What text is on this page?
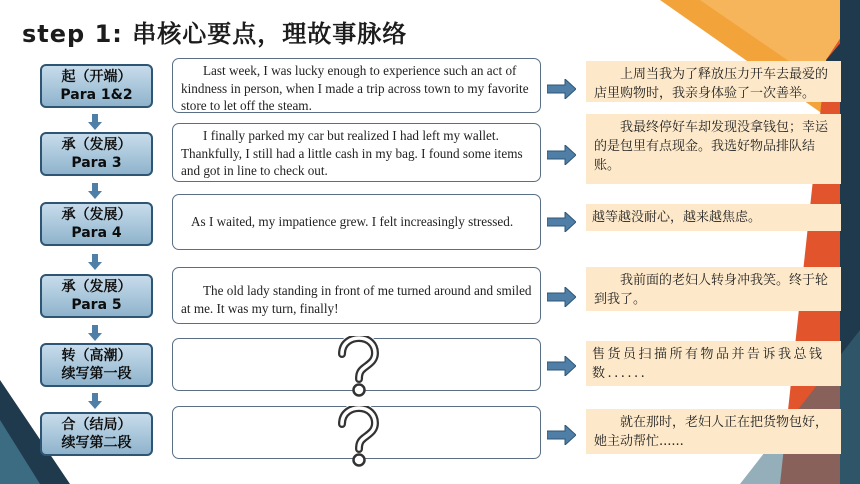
step 1: 串核心要点，理故事脉络
起（开端）
Para 1&2
Last week, I was lucky enough to experience such an act of kindness in person, when I made a trip across town to my favorite store to let off the steam.
上周当我为了释放压力开车去最爱的店里购物时，我亲身体验了一次善举。
承（发展）
Para 3
I finally parked my car but realized I had left my wallet. Thankfully, I still had a little cash in my bag. I found some items and got in line to check out.
我最终停好车却发现没拿钱包；幸运的是包里有点现金。我选好物品排队结账。
承（发展）
Para 4
As I waited, my impatience grew. I felt increasingly stressed.	越等越没耐心，越来越焦虑。
承（发展）
Para 5
The old lady standing in front of me turned around and smiled at me. It was my turn, finally!
我前面的老妇人转身冲我笑。终于轮到我了。
转（高潮）
续写第一段
售货员扫描所有物品并告诉我总钱数......
合（结局）
续写第二段
就在那时，老妇人正在把货物包好，她主动帮忙......
